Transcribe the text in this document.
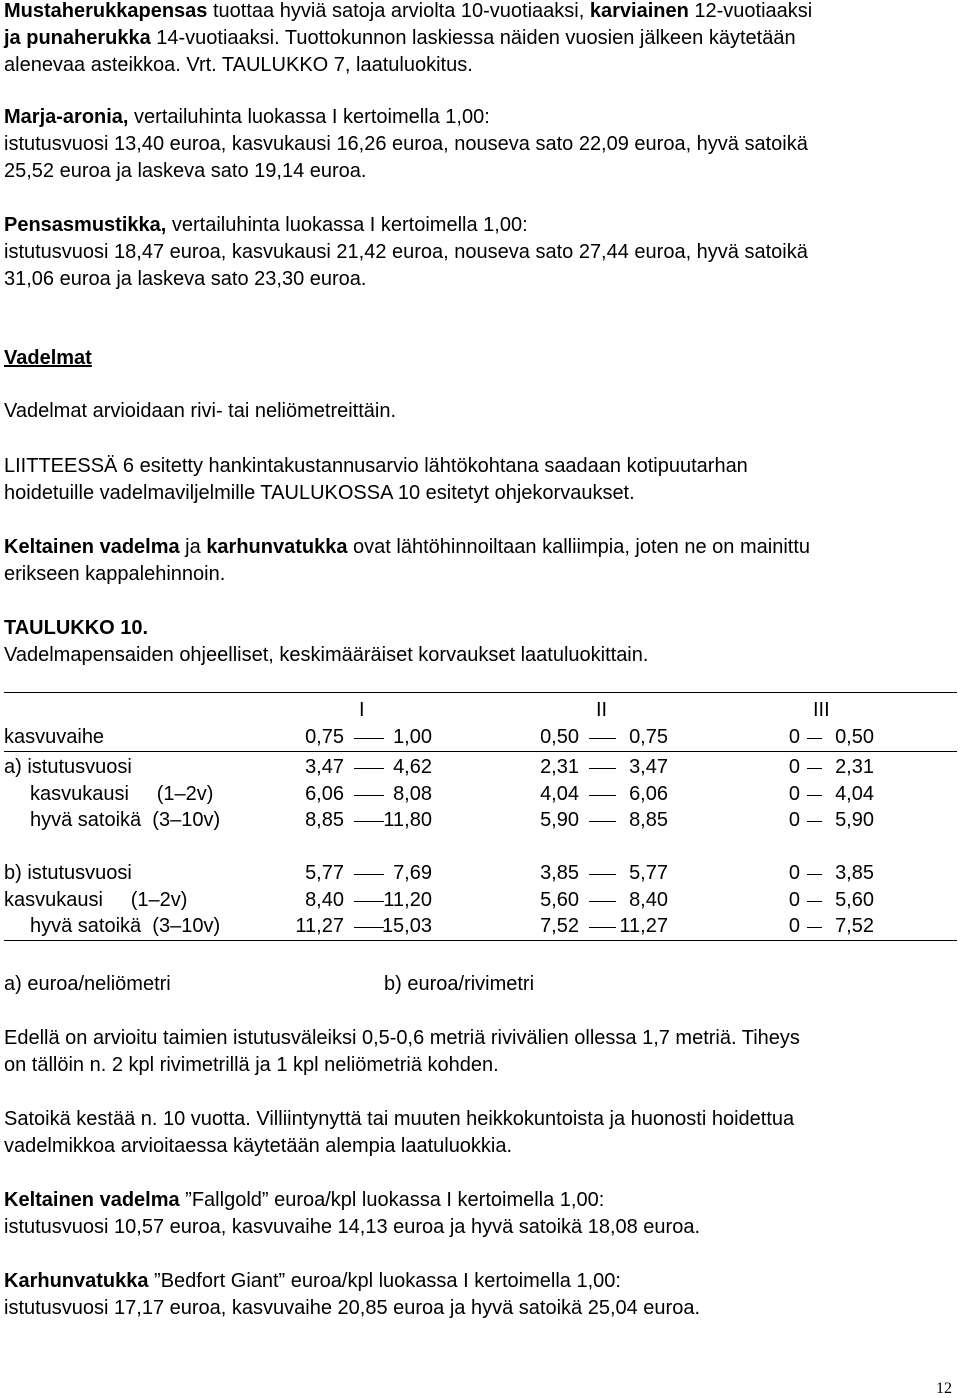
Mustaherukkapensas tuottaa hyviä satoja arviolta 10-vuotiaaksi, karviainen 12-vuotiaaksi

ja punaherukka 14-vuotiaaksi. Tuottokunnon laskiessa näiden vuosien jälkeen käytetään

alenevaa asteikkoa. Vrt. TAULUKKO 7, laatuluokitus.

Marja-aronia, vertailuhinta luokassa I kertoimella 1,00:

istutusvuosi 13,40 euroa, kasvukausi 16,26 euroa, nouseva sato 22,09 euroa, hyvä satoikä

25,52 euroa ja laskeva sato 19,14 euroa.

Pensasmustikka, vertailuhinta luokassa I kertoimella 1,00:

istutusvuosi 18,47 euroa, kasvukausi 21,42 euroa, nouseva sato 27,44 euroa, hyvä satoikä

31,06 euroa ja laskeva sato 23,30 euroa.

Vadelmat

Vadelmat arvioidaan rivi- tai neliömetreittäin.

LIITTEESSÄ 6 esitetty hankintakustannusarvio lähtökohtana saadaan kotipuutarhan

hoidetuille vadelmaviljelmille TAULUKOSSA 10 esitetyt ohjekorvaukset.

Keltainen vadelma ja karhunvatukka ovat lähtöhinnoiltaan kalliimpia, joten ne on mainittu

erikseen kappalehinnoin.

TAULUKKO 10.

Vadelmapensaiden ohjeelliset, keskimääräiset korvaukset laatuluokittain.

I	II	III
kasvuvaihe	0,75	1,00	0,50	0,75	0	0,50
a) istutusvuosi	3,47	4,62	2,31	3,47	0	2,31
kasvukausi     (1–2v)	6,06	8,08	4,04	6,06	0	4,04
hyvä satoikä  (3–10v)	8,85	11,80	5,90	8,85	0	5,90
b) istutusvuosi	5,77	7,69	3,85	5,77	0	3,85
kasvukausi     (1–2v)	8,40	11,20	5,60	8,40	0	5,60
hyvä satoikä  (3–10v)	11,27	15,03	7,52	11,27	0	7,52
a) euroa/neliömetri	b) euroa/rivimetri

Edellä on arvioitu taimien istutusväleiksi 0,5-0,6 metriä rivivälien ollessa 1,7 metriä. Tiheys

on tällöin n. 2 kpl rivimetrillä ja 1 kpl neliömetriä kohden.

Satoikä kestää n. 10 vuotta. Villiintynyttä tai muuten heikkokuntoista ja huonosti hoidettua

vadelmikkoa arvioitaessa käytetään alempia laatuluokkia.

Keltainen vadelma ”Fallgold” euroa/kpl luokassa I kertoimella 1,00:

istutusvuosi 10,57 euroa, kasvuvaihe 14,13 euroa ja hyvä satoikä 18,08 euroa.

Karhunvatukka ”Bedfort Giant” euroa/kpl luokassa I kertoimella 1,00:

istutusvuosi 17,17 euroa, kasvuvaihe 20,85 euroa ja hyvä satoikä 25,04 euroa.

12
